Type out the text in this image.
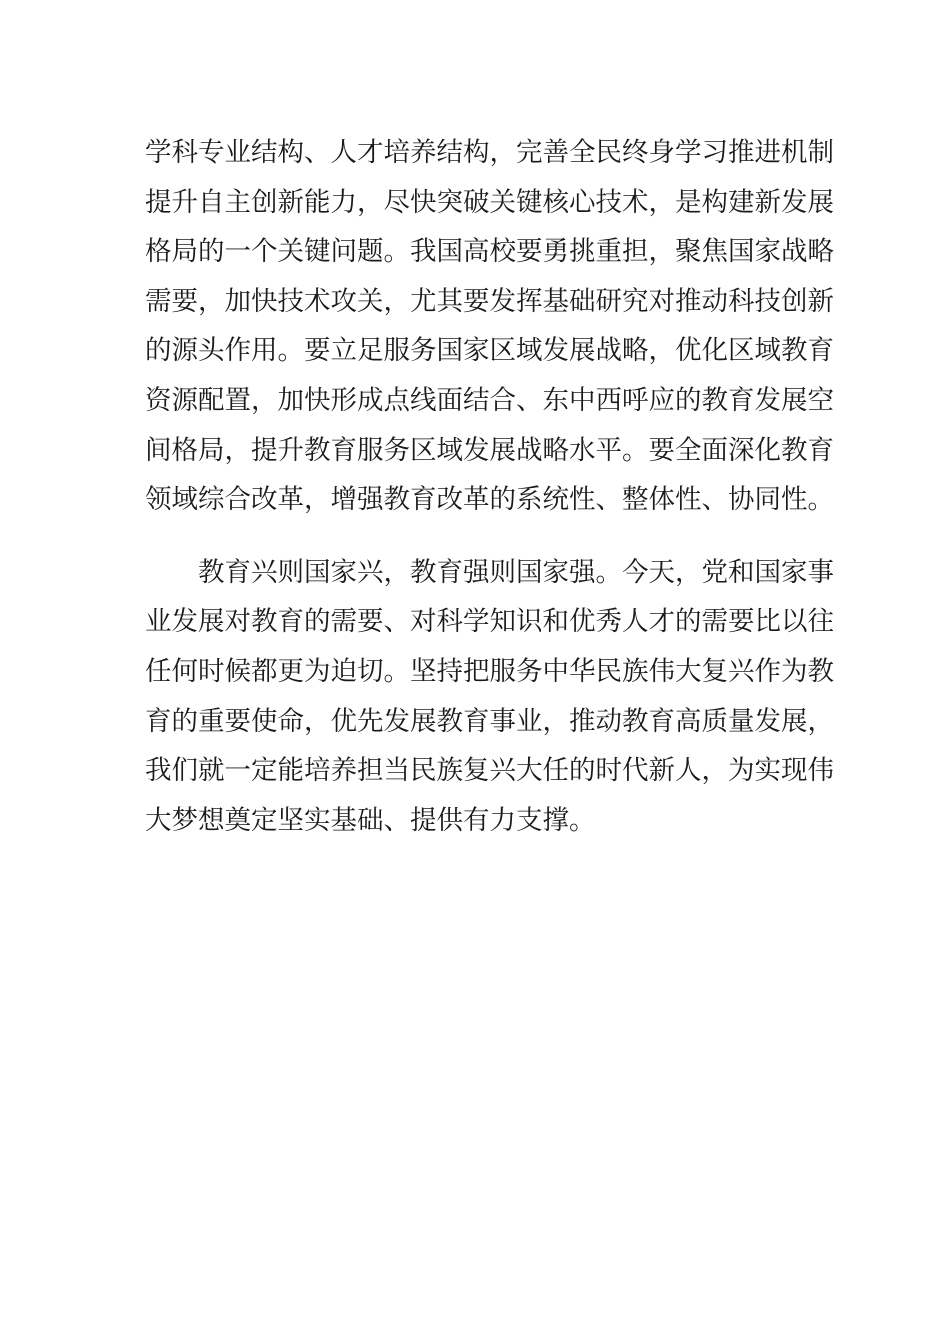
学科专业结构、人才培养结构，完善全民终身学习推进机制
提升自主创新能力，尽快突破关键核心技术，是构建新发展
格局的一个关键问题。我国高校要勇挑重担，聚焦国家战略
需要，加快技术攻关，尤其要发挥基础研究对推动科技创新
的源头作用。要立足服务国家区域发展战略，优化区域教育
资源配置，加快形成点线面结合、东中西呼应的教育发展空
间格局，提升教育服务区域发展战略水平。要全面深化教育
领域综合改革，增强教育改革的系统性、整体性、协同性。
　　教育兴则国家兴，教育强则国家强。今天，党和国家事
业发展对教育的需要、对科学知识和优秀人才的需要比以往
任何时候都更为迫切。坚持把服务中华民族伟大复兴作为教
育的重要使命，优先发展教育事业，推动教育高质量发展，
我们就一定能培养担当民族复兴大任的时代新人，为实现伟
大梦想奠定坚实基础、提供有力支撑。
